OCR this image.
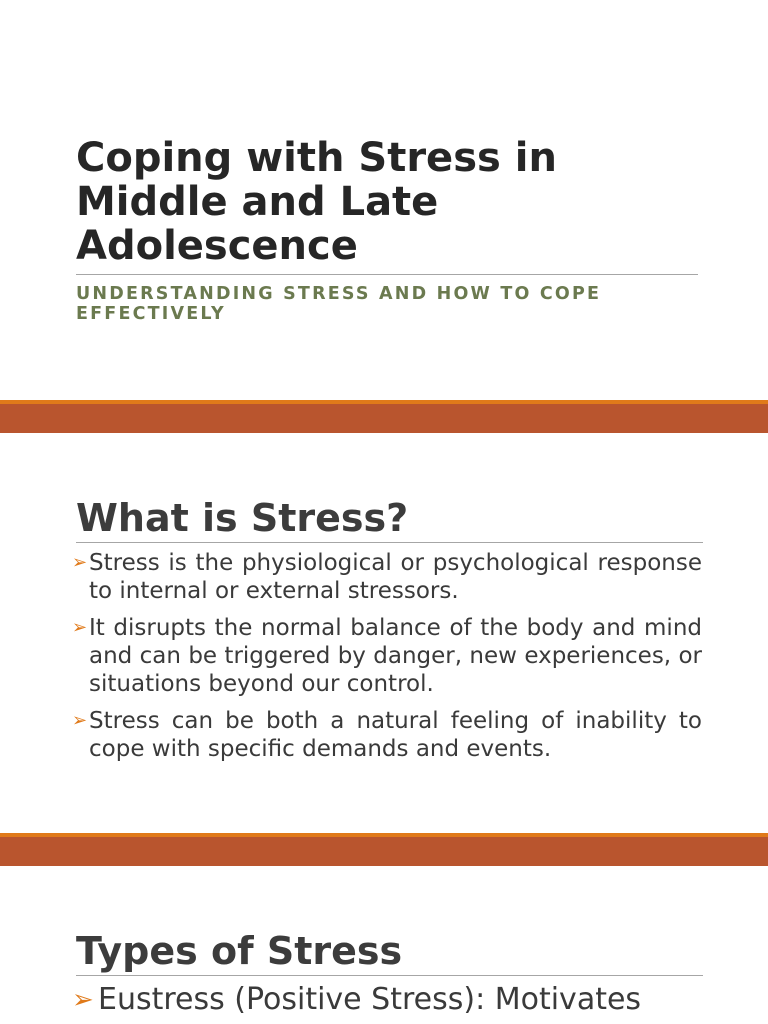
Coping with Stress in Middle and Late Adolescence
UNDERSTANDING STRESS AND HOW TO COPE EFFECTIVELY
What is Stress?
➢ Stress is the physiological or psychological response to internal or external stressors.
➢ It disrupts the normal balance of the body and mind and can be triggered by danger, new experiences, or situations beyond our control.
➢ Stress can be both a natural feeling of inability to cope with specific demands and events.
Types of Stress
➢ Eustress (Positive Stress): Motivates
